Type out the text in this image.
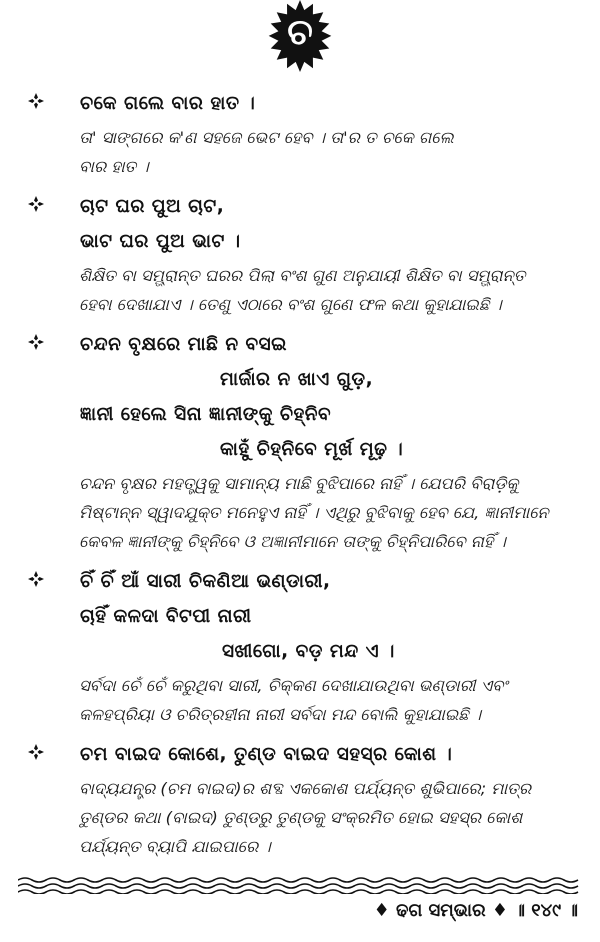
ଚ
ଚକେ ଗଲେ ବାର ହାତ ।
ତା' ସାଙ୍ଗରେ କ'ଣ ସହଜେ ଭେଟ ହେବ । ତା'ର ତ ଚକେ ଗଲେ
ବାର ହାତ ।
ଚାଟ ଘର ପୁଅ ଚାଟ,
ଭାଟ ଘର ପୁଅ ଭାଟ ।
ଶିକ୍ଷିତ ବା ସମ୍ଭ୍ରାନ୍ତ ଘରର ପିଲା ବଂଶ ଗୁଣ ଅନୁଯାୟୀ ଶିକ୍ଷିତ ବା ସମ୍ଭ୍ରାନ୍ତ
ହେବା ଦେଖାଯାଏ । ତେଣୁ ଏଠାରେ ବଂଶ ଗୁଣେ ଫଳ କଥା କୁହାଯାଇଛି ।
ଚନ୍ଦନ ବୃକ୍ଷରେ ମାଛି ନ ବସଇ
ମାର୍ଜାର ନ ଖାଏ ଗୁଡ଼,
ଜ୍ଞାନୀ ହେଲେ ସିନା ଜ୍ଞାନୀଙ୍କୁ ଚିହ୍ନିବ
କାହୁଁ ଚିହ୍ନିବେ ମୂର୍ଖ ମୂଢ଼ ।
ଚନ୍ଦନ ବୃକ୍ଷର ମହତ୍ତ୍ୱକୁ ସାମାନ୍ୟ ମାଛି ବୁଝିପାରେ ନାହିଁ । ଯେପରି ବିରାଡ଼ିକୁ
ମିଷ୍ଟାନ୍ନ ସ୍ୱାଦଯୁକ୍ତ ମନେହୁଏ ନାହିଁ । ଏଥିରୁ ବୁଝିବାକୁ ହେବ ଯେ, ଜ୍ଞାନୀମାନେ
କେବଳ ଜ୍ଞାନୀଙ୍କୁ ଚିହ୍ନିବେ ଓ ଅଜ୍ଞାନୀମାନେ ତାଙ୍କୁ ଚିହ୍ନିପାରିବେ ନାହିଁ ।
ଚିଁ ଚିଁ ଆଁ ସାରୀ ଚିକଣିଆ ଭଣ୍ଡାରୀ,
ଚାହିଁ କଳଦା ବିଟପୀ ନାରୀ
ସଖୀଗୋ, ବଡ଼ ମନ୍ଦ ଏ ।
ସର୍ବଦା ଚେଁ ଚେଁ କରୁଥିବା ସାରୀ, ଚିକ୍କଣ ଦେଖାଯାଉଥିବା ଭଣ୍ଡାରୀ ଏବଂ
କଳହପ୍ରିୟା ଓ ଚରିତ୍ରହୀନା ନାରୀ ସର୍ବଦା ମନ୍ଦ ବୋଲି କୁହାଯାଇଛି ।
ଚମ ବାଇଦ କୋଶେ, ତୁଣ୍ଡ ବାଇଦ ସହସ୍ର କୋଶ ।
ବାଦ୍ୟଯନ୍ତ୍ର (ଚମ ବାଇଦ)ର ଶବ୍ଦ ଏକକୋଶ ପର୍ଯ୍ୟନ୍ତ ଶୁଭିପାରେ; ମାତ୍ର
ତୁଣ୍ଡର କଥା (ବାଇଦ) ତୁଣ୍ଡରୁ ତୁଣ୍ଡକୁ ସଂକ୍ରମିତ ହୋଇ ସହସ୍ର କୋଶ
ପର୍ଯ୍ୟନ୍ତ ବ୍ୟାପି ଯାଇପାରେ ।
♦ ଢଗ ସମ୍ଭାର ♦ ॥ ୧୪୯ ॥
